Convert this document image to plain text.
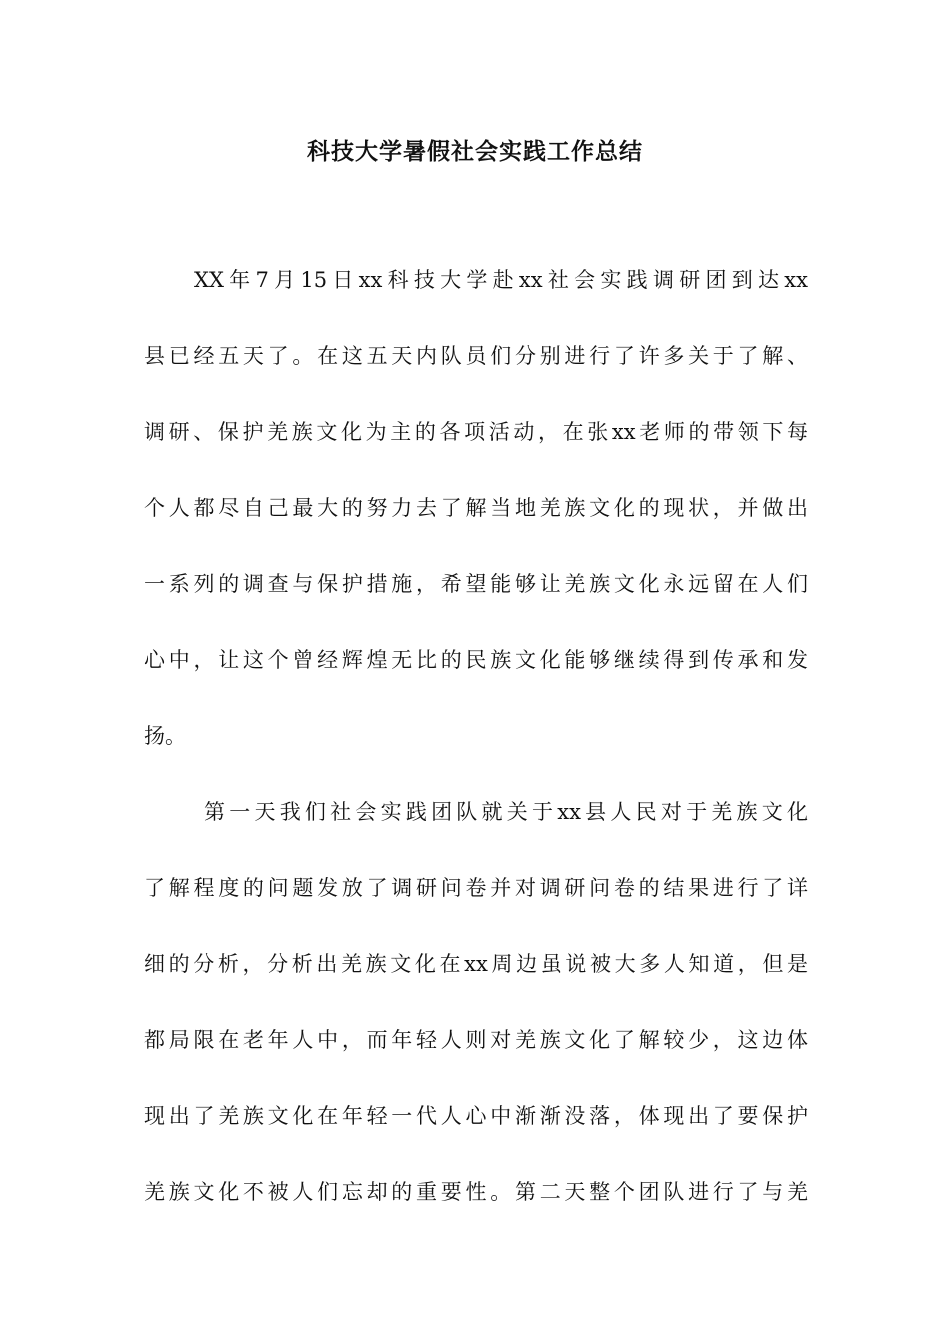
科技大学暑假社会实践工作总结

XX年7月15日xx科技大学赴xx社会实践调研团到达xx

县已经五天了。在这五天内队员们分别进行了许多关于了解、

调研、保护羌族文化为主的各项活动，在张xx老师的带领下每

个人都尽自己最大的努力去了解当地羌族文化的现状，并做出

一系列的调查与保护措施，希望能够让羌族文化永远留在人们

心中，让这个曾经辉煌无比的民族文化能够继续得到传承和发

扬。

第一天我们社会实践团队就关于xx县人民对于羌族文化

了解程度的问题发放了调研问卷并对调研问卷的结果进行了详

细的分析，分析出羌族文化在xx周边虽说被大多人知道，但是

都局限在老年人中，而年轻人则对羌族文化了解较少，这边体

现出了羌族文化在年轻一代人心中渐渐没落，体现出了要保护

羌族文化不被人们忘却的重要性。第二天整个团队进行了与羌
